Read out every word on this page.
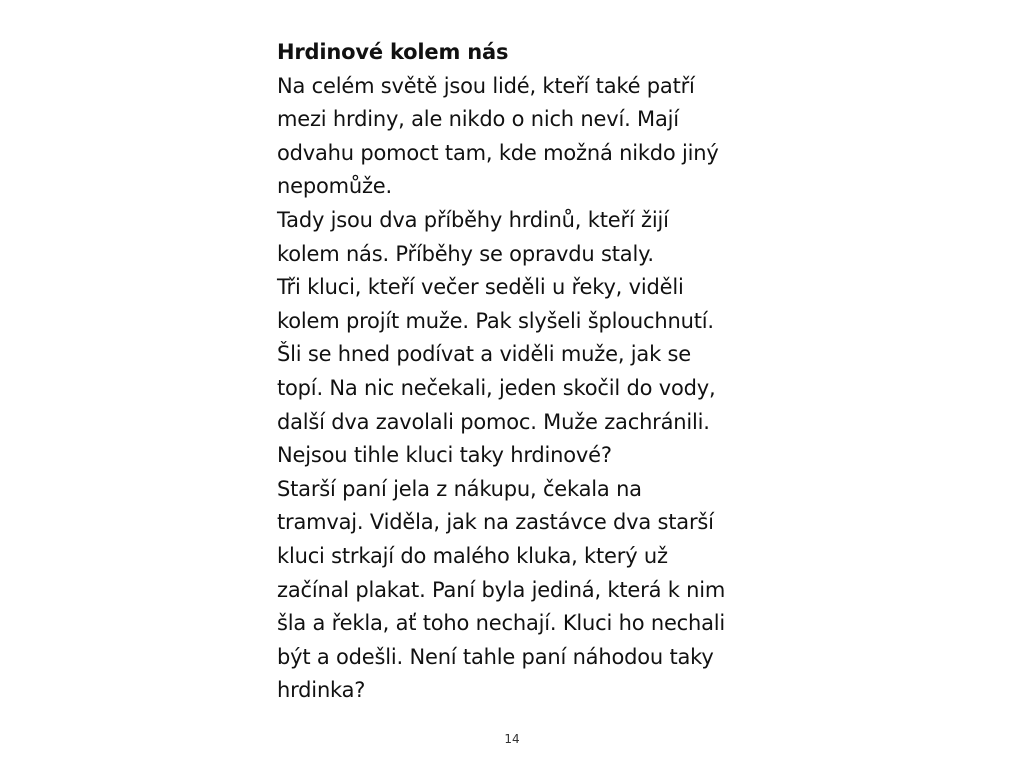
Hrdinové kolem nás
Na celém světě jsou lidé, kteří také patří
mezi hrdiny, ale nikdo o nich neví. Mají
odvahu pomoct tam, kde možná nikdo jiný
nepomůže.
Tady jsou dva příběhy hrdinů, kteří žijí
kolem nás. Příběhy se opravdu staly.
Tři kluci, kteří večer seděli u řeky, viděli
kolem projít muže. Pak slyšeli šplouchnutí.
Šli se hned podívat a viděli muže, jak se
topí. Na nic nečekali, jeden skočil do vody,
další dva zavolali pomoc. Muže zachránili.
Nejsou tihle kluci taky hrdinové?
Starší paní jela z nákupu, čekala na
tramvaj. Viděla, jak na zastávce dva starší
kluci strkají do malého kluka, který už
začínal plakat. Paní byla jediná, která k nim
šla a řekla, ať toho nechají. Kluci ho nechali
být a odešli. Není tahle paní náhodou taky
hrdinka?
14
